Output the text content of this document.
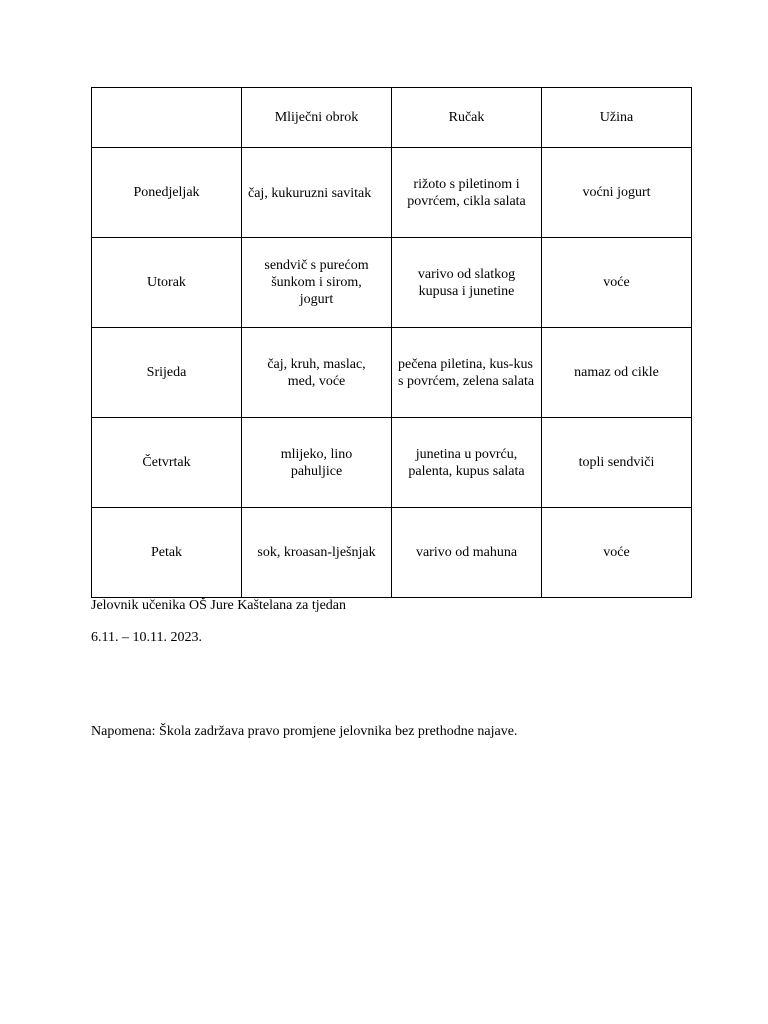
	Mliječni obrok	Ručak	Užina
Ponedjeljak	čaj, kukuruzni savitak	rižoto s piletinom i povrćem, cikla salata	voćni jogurt
Utorak	sendvič s purećom šunkom i sirom, jogurt	varivo od slatkog kupusa i junetine	voće
Srijeda	čaj, kruh, maslac, med, voće	pečena piletina, kus-kus s povrćem, zelena salata	namaz od cikle
Četvrtak	mlijeko, lino pahuljice	junetina u povrću, palenta, kupus salata	topli sendviči
Petak	sok, kroasan-lješnjak	varivo od mahuna	voće
Jelovnik učenika OŠ Jure Kaštelana za tjedan
6.11. – 10.11. 2023.
Napomena: Škola zadržava pravo promjene jelovnika bez prethodne najave.
